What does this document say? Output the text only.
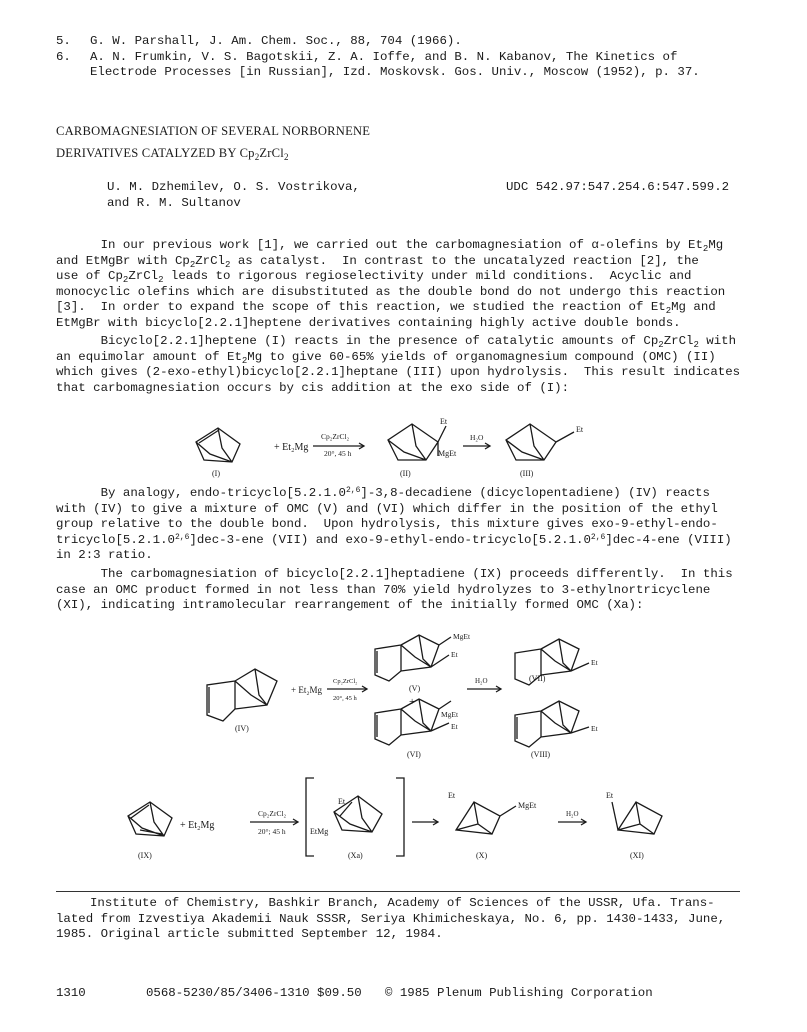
5. G. W. Parshall, J. Am. Chem. Soc., 88, 704 (1966).
6. A. N. Frumkin, V. S. Bagotskii, Z. A. Ioffe, and B. N. Kabanov, The Kinetics of
Electrode Processes [in Russian], Izd. Moskovsk. Gos. Univ., Moscow (1952), p. 37.
CARBOMAGNESIATION OF SEVERAL NORBORNENE
DERIVATIVES CATALYZED BY $Cp_2ZrCl_2$
U. M. Dzhemilev, O. S. Vostrikova,
and R. M. Sultanov
UDC 542.97:547.254.6:547.599.2
In our previous work [1], we carried out the carbomagnesiation of α-olefins by $Et_2Mg$
and EtMgBr with $Cp_2ZrCl_2$ as catalyst.  In contrast to the uncatalyzed reaction [2], the
use of $Cp_2ZrCl_2$ leads to rigorous regioselectivity under mild conditions.  Acyclic and
monocyclic olefins which are disubstituted as the double bond do not undergo this reaction
[3].  In order to expand the scope of this reaction, we studied the reaction of $Et_2Mg$ and
EtMgBr with bicyclo[2.2.1]heptene derivatives containing highly active double bonds.
Bicyclo[2.2.1]heptene (I) reacts in the presence of catalytic amounts of $Cp_2ZrCl_2$ with
an equimolar amount of $Et_2Mg$ to give 60-65% yields of organomagnesium compound (OMC) (II)
which gives (2-exo-ethyl)bicyclo[2.2.1]heptane (III) upon hydrolysis.  This result indicates
that carbomagnesiation occurs by cis addition at the exo side of (I):
+ Et₂Mg
Cp₂ZrCl₂
20°, 45 h
Et
MgEt
H₂O
Et
(I)	(II)	(III)
By analogy, endo-tricyclo[5.2.1.0$^{2,6}$]-3,8-decadiene (dicyclopentadiene) (IV) reacts
with (IV) to give a mixture of OMC (V) and (VI) which differ in the position of the ethyl
group relative to the double bond.  Upon hydrolysis, this mixture gives exo-9-ethyl-endo-
tricyclo[5.2.1.0$^{2,6}$]dec-3-ene (VII) and exo-9-ethyl-endo-tricyclo[5.2.1.0$^{2,6}$]dec-4-ene (VIII)
in 2:3 ratio.
The carbomagnesiation of bicyclo[2.2.1]heptadiene (IX) proceeds differently.  In this
case an OMC product formed in not less than 70% yield hydrolyzes to 3-ethylnortricyclene
(XI), indicating intramolecular rearrangement of the initially formed OMC (Xa):
+ Et₂Mg
Cp₂ZrCl₂
20°, 45 h
MgEt
Et
(V)
+
MgEt
Et
(VI)
H₂O
Et
(VII)
Et
(VIII)
(IV)
+ Et₂Mg
Cp₂ZrCl₂
20°; 45 h
Et
EtMg
Et
MgEt
H₂O
Et
(IX)	(Xa)	(X)	(XI)
Institute of Chemistry, Bashkir Branch, Academy of Sciences of the USSR, Ufa. Trans-
lated from Izvestiya Akademii Nauk SSSR, Seriya Khimicheskaya, No. 6, pp. 1430-1433, June,
1985. Original article submitted September 12, 1984.
1310	0568-5230/85/3406-1310 $09.50 © 1985 Plenum Publishing Corporation
